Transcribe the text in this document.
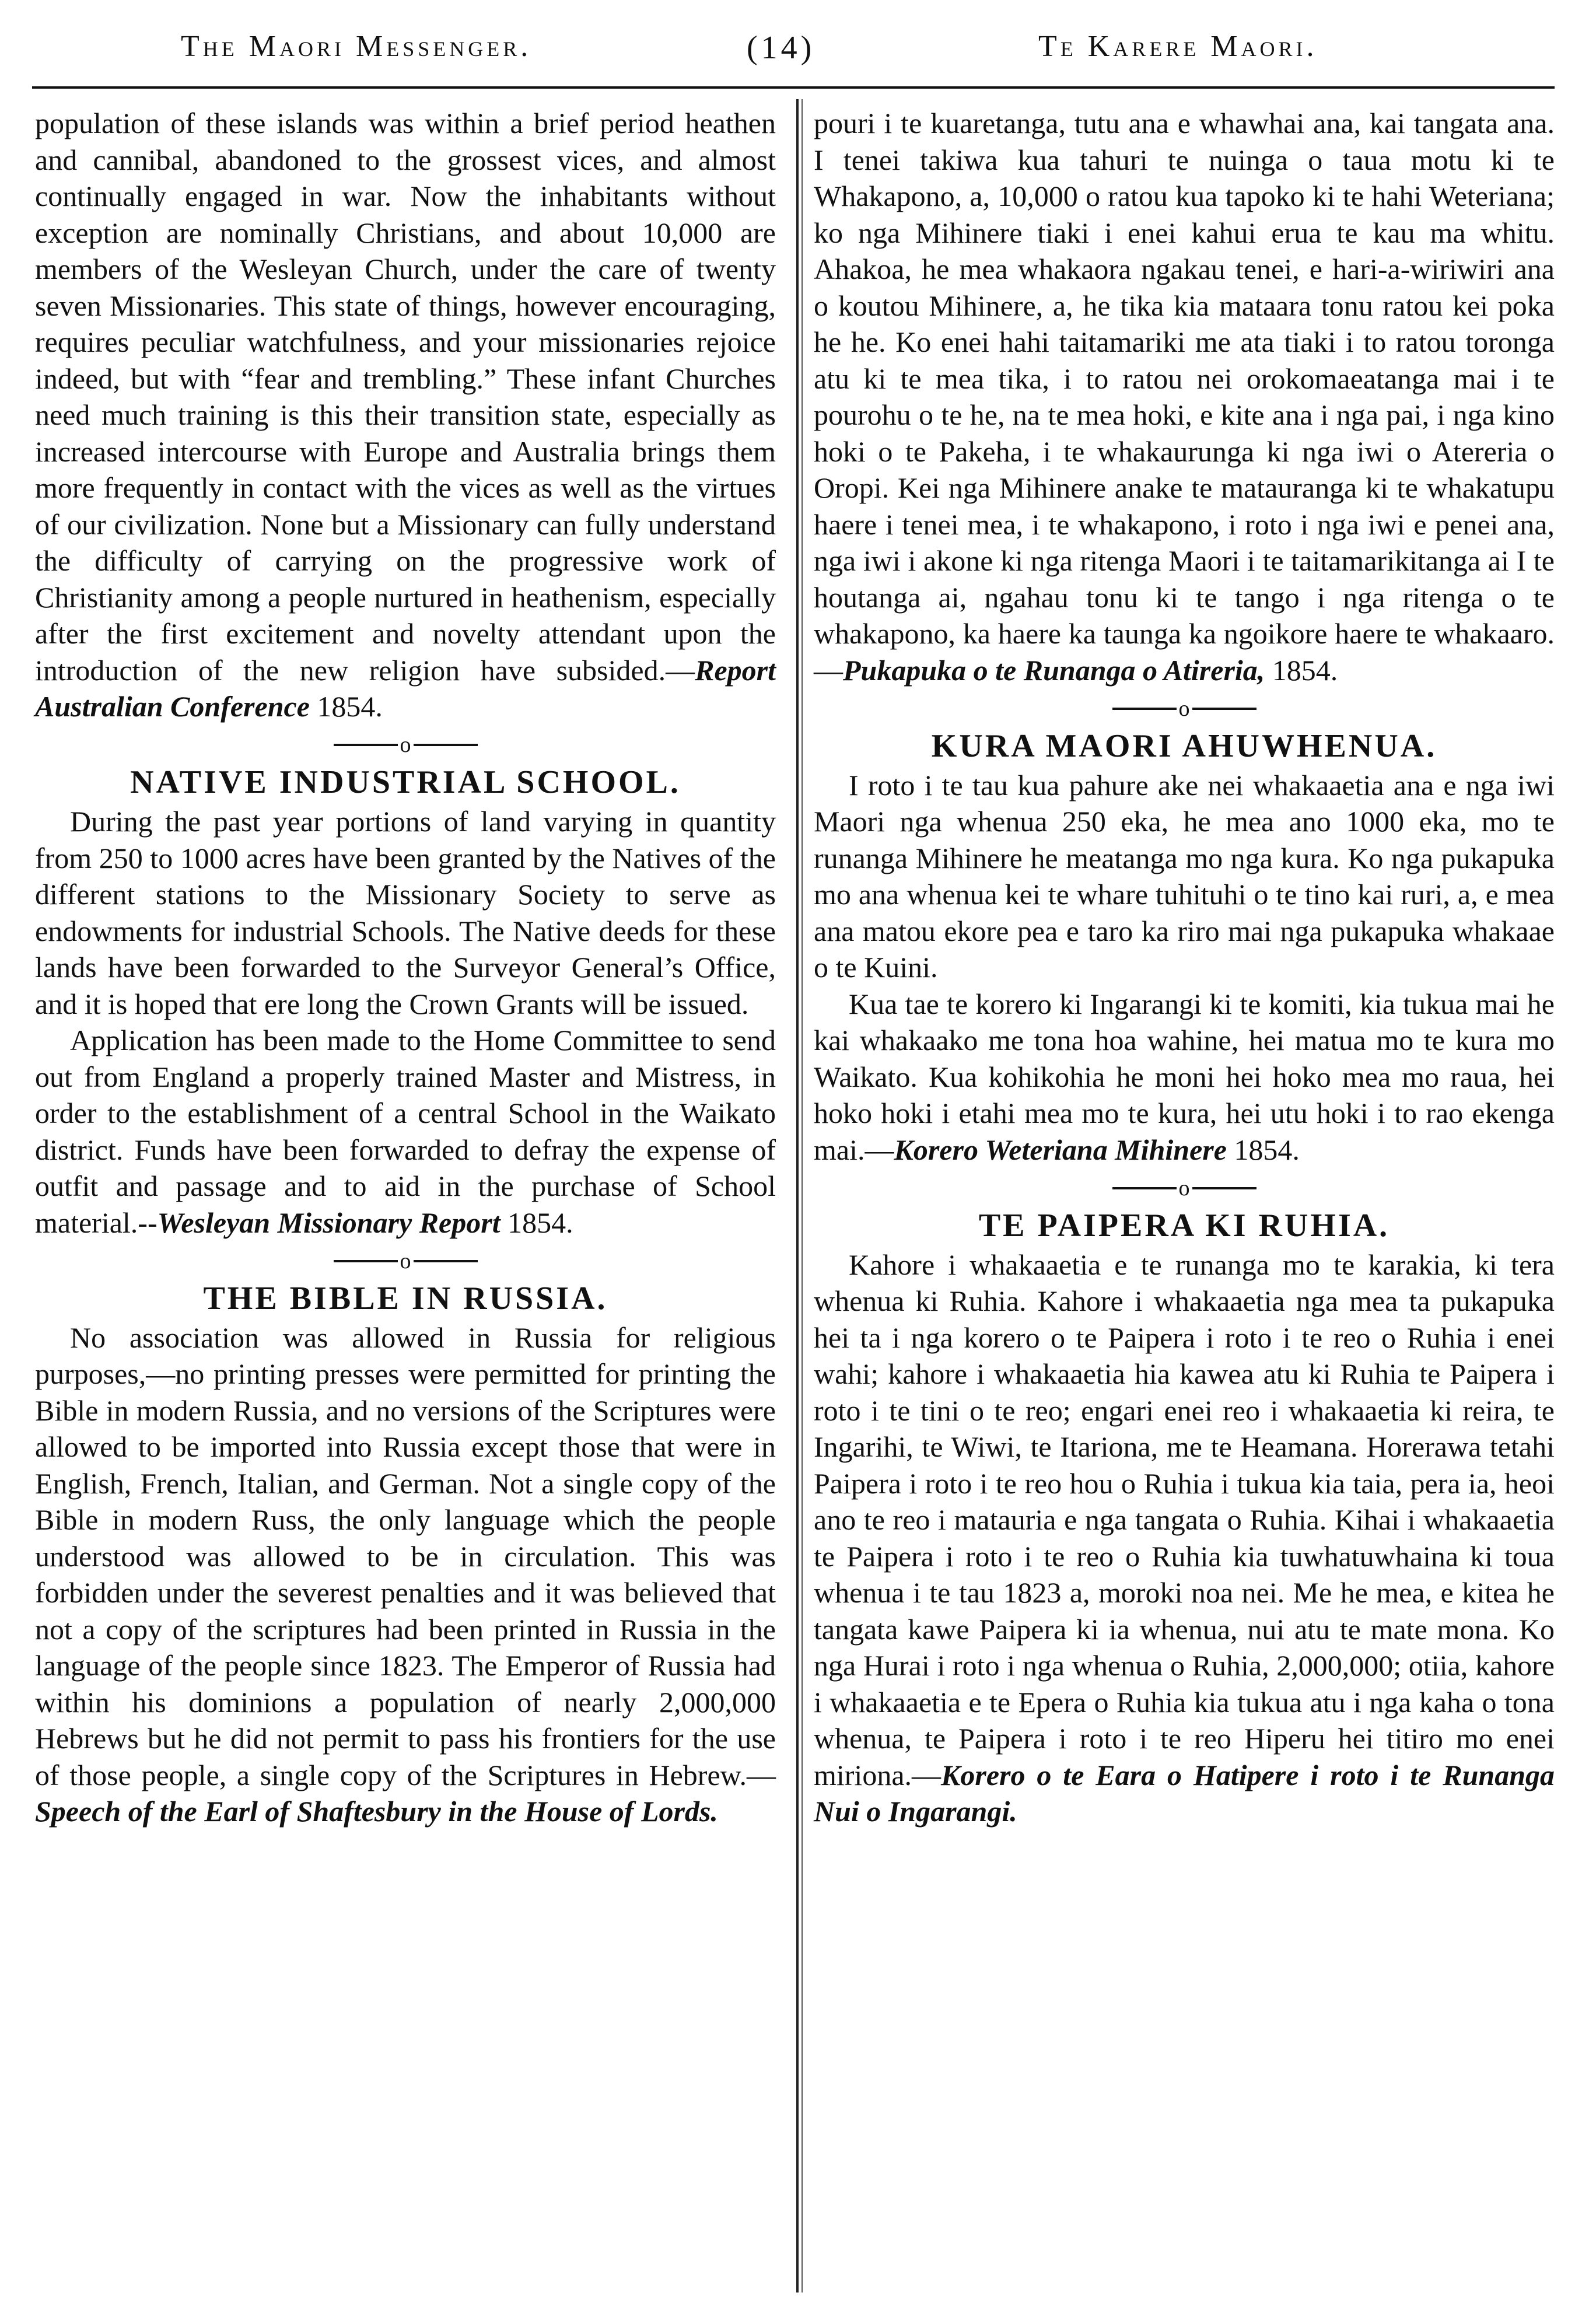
The Maori Messenger.	(14)	Te Karere Maori.

population of these islands was within a brief period heathen and cannibal, abandoned to the grossest vices, and almost continually engaged in war. Now the inhabitants without exception are nominally Christians, and about 10,000 are members of the Wesleyan Church, under the care of twenty seven Missionaries. This state of things, however encouraging, requires peculiar watchfulness, and your missionaries rejoice indeed, but with “fear and trembling.” These infant Churches need much training is this their transition state, especially as increased intercourse with Europe and Australia brings them more frequently in contact with the vices as well as the virtues of our civilization. None but a Missionary can fully understand the difficulty of carrying on the progressive work of Christianity among a people nurtured in heathenism, especially after the first excitement and novelty attendant upon the introduction of the new religion have subsided.—Report Australian Conference 1854.

o
NATIVE INDUSTRIAL SCHOOL.

During the past year portions of land varying in quantity from 250 to 1000 acres have been granted by the Natives of the different stations to the Missionary Society to serve as endowments for industrial Schools. The Native deeds for these lands have been forwarded to the Surveyor General’s Office, and it is hoped that ere long the Crown Grants will be issued.

Application has been made to the Home Committee to send out from England a properly trained Master and Mistress, in order to the establishment of a central School in the Waikato district. Funds have been forwarded to defray the expense of outfit and passage and to aid in the purchase of School material.--Wesleyan Missionary Report 1854.

o
THE BIBLE IN RUSSIA.

No association was allowed in Russia for religious purposes,—no printing presses were permitted for printing the Bible in modern Russia, and no versions of the Scriptures were allowed to be imported into Russia except those that were in English, French, Italian, and German. Not a single copy of the Bible in modern Russ, the only language which the people understood was allowed to be in circulation. This was forbidden under the severest penalties and it was believed that not a copy of the scriptures had been printed in Russia in the language of the people since 1823. The Emperor of Russia had within his dominions a population of nearly 2,000,000 Hebrews but he did not permit to pass his frontiers for the use of those people, a single copy of the Scriptures in Hebrew.—Speech of the Earl of Shaftesbury in the House of Lords.

pouri i te kuaretanga, tutu ana e whawhai ana, kai tangata ana. I tenei takiwa kua tahuri te nuinga o taua motu ki te Whakapono, a, 10,000 o ratou kua tapoko ki te hahi Weteriana; ko nga Mihinere tiaki i enei kahui erua te kau ma whitu. Ahakoa, he mea whakaora ngakau tenei, e hari-a-wiriwiri ana o koutou Mihinere, a, he tika kia mataara tonu ratou kei poka he he. Ko enei hahi taitamariki me ata tiaki i to ratou toronga atu ki te mea tika, i to ratou nei orokomaeatanga mai i te pourohu o te he, na te mea hoki, e kite ana i nga pai, i nga kino hoki o te Pakeha, i te whakaurunga ki nga iwi o Atereria o Oropi. Kei nga Mihinere anake te matauranga ki te whakatupu haere i tenei mea, i te whakapono, i roto i nga iwi e penei ana, nga iwi i akone ki nga ritenga Maori i te taitamarikitanga ai I te houtanga ai, ngahau tonu ki te tango i nga ritenga o te whakapono, ka haere ka taunga ka ngoikore haere te whakaaro.—Pukapuka o te Runanga o Atireria, 1854.

o
KURA MAORI AHUWHENUA.

I roto i te tau kua pahure ake nei whakaaetia ana e nga iwi Maori nga whenua 250 eka, he mea ano 1000 eka, mo te runanga Mihinere he meatanga mo nga kura. Ko nga pukapuka mo ana whenua kei te whare tuhituhi o te tino kai ruri, a, e mea ana matou ekore pea e taro ka riro mai nga pukapuka whakaae o te Kuini.

Kua tae te korero ki Ingarangi ki te komiti, kia tukua mai he kai whakaako me tona hoa wahine, hei matua mo te kura mo Waikato. Kua kohikohia he moni hei hoko mea mo raua, hei hoko hoki i etahi mea mo te kura, hei utu hoki i to rao ekenga mai.—Korero Weteriana Mihinere 1854.

o
TE PAIPERA KI RUHIA.

Kahore i whakaaetia e te runanga mo te karakia, ki tera whenua ki Ruhia. Kahore i whakaaetia nga mea ta pukapuka hei ta i nga korero o te Paipera i roto i te reo o Ruhia i enei wahi; kahore i whakaaetia hia kawea atu ki Ruhia te Paipera i roto i te tini o te reo; engari enei reo i whakaaetia ki reira, te Ingarihi, te Wiwi, te Itariona, me te Heamana. Horerawa tetahi Paipera i roto i te reo hou o Ruhia i tukua kia taia, pera ia, heoi ano te reo i matauria e nga tangata o Ruhia. Kihai i whakaaetia te Paipera i roto i te reo o Ruhia kia tuwhatuwhaina ki toua whenua i te tau 1823 a, moroki noa nei. Me he mea, e kitea he tangata kawe Paipera ki ia whenua, nui atu te mate mona. Ko nga Hurai i roto i nga whenua o Ruhia, 2,000,000; otiia, kahore i whakaaetia e te Epera o Ruhia kia tukua atu i nga kaha o tona whenua, te Paipera i roto i te reo Hiperu hei titiro mo enei miriona.—Korero o te Eara o Hatipere i roto i te Runanga Nui o Ingarangi.
